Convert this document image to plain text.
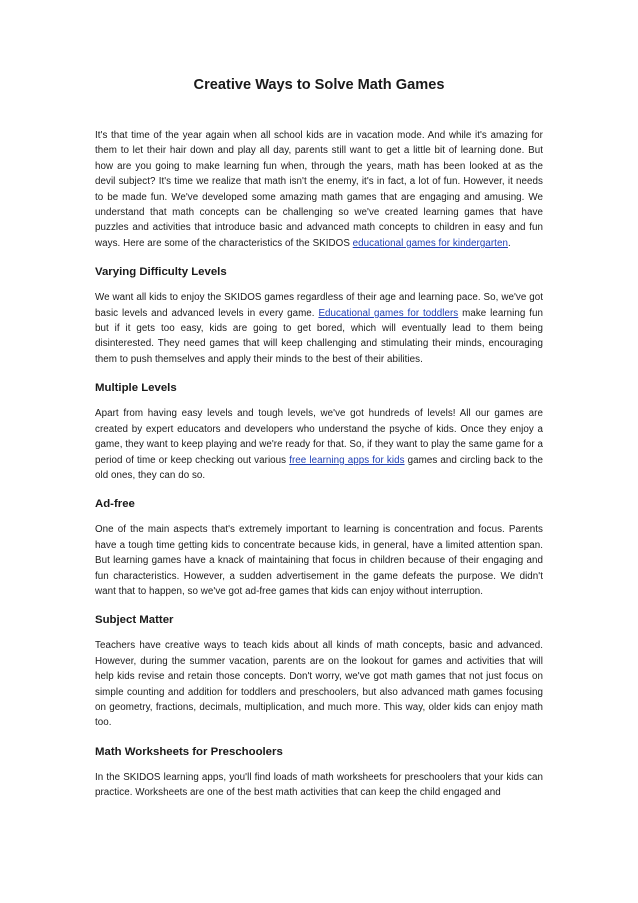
Creative Ways to Solve Math Games

It's that time of the year again when all school kids are in vacation mode. And while it's amazing for them to let their hair down and play all day, parents still want to get a little bit of learning done. But how are you going to make learning fun when, through the years, math has been looked at as the devil subject? It's time we realize that math isn't the enemy, it's in fact, a lot of fun. However, it needs to be made fun. We've developed some amazing math games that are engaging and amusing. We understand that math concepts can be challenging so we've created learning games that have puzzles and activities that introduce basic and advanced math concepts to children in easy and fun ways. Here are some of the characteristics of the SKIDOS educational games for kindergarten.

Varying Difficulty Levels

We want all kids to enjoy the SKIDOS games regardless of their age and learning pace. So, we've got basic levels and advanced levels in every game. Educational games for toddlers make learning fun but if it gets too easy, kids are going to get bored, which will eventually lead to them being disinterested. They need games that will keep challenging and stimulating their minds, encouraging them to push themselves and apply their minds to the best of their abilities.

Multiple Levels

Apart from having easy levels and tough levels, we've got hundreds of levels! All our games are created by expert educators and developers who understand the psyche of kids. Once they enjoy a game, they want to keep playing and we're ready for that. So, if they want to play the same game for a period of time or keep checking out various free learning apps for kids games and circling back to the old ones, they can do so.

Ad-free

One of the main aspects that's extremely important to learning is concentration and focus. Parents have a tough time getting kids to concentrate because kids, in general, have a limited attention span. But learning games have a knack of maintaining that focus in children because of their engaging and fun characteristics. However, a sudden advertisement in the game defeats the purpose. We didn't want that to happen, so we've got ad-free games that kids can enjoy without interruption.

Subject Matter

Teachers have creative ways to teach kids about all kinds of math concepts, basic and advanced. However, during the summer vacation, parents are on the lookout for games and activities that will help kids revise and retain those concepts. Don't worry, we've got math games that not just focus on simple counting and addition for toddlers and preschoolers, but also advanced math games focusing on geometry, fractions, decimals, multiplication, and much more. This way, older kids can enjoy math too.

Math Worksheets for Preschoolers

In the SKIDOS learning apps, you'll find loads of math worksheets for preschoolers that your kids can practice. Worksheets are one of the best math activities that can keep the child engaged and
